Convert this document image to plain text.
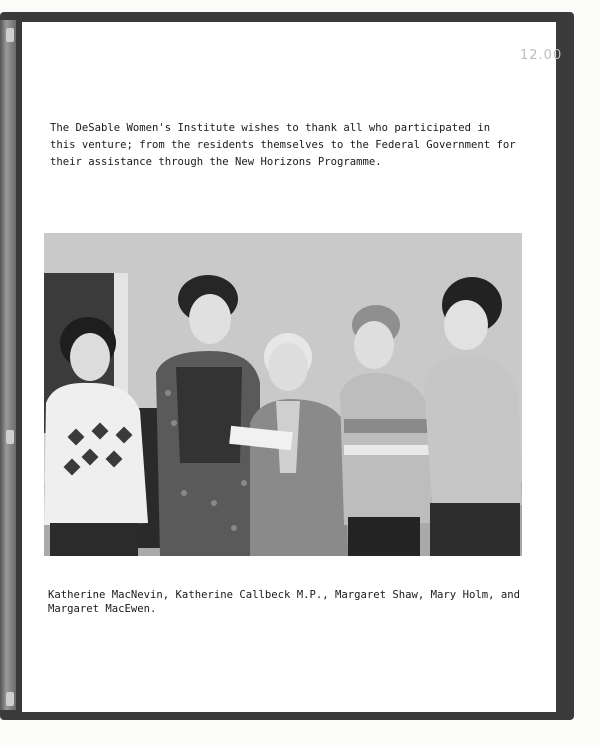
12.00

The DeSable Women's Institute wishes to thank all who participated in this venture; from the residents themselves to the Federal Government for their assistance through the New Horizons Programme.

Katherine MacNevin, Katherine Callbeck M.P., Margaret Shaw, Mary Holm, and Margaret MacEwen.
